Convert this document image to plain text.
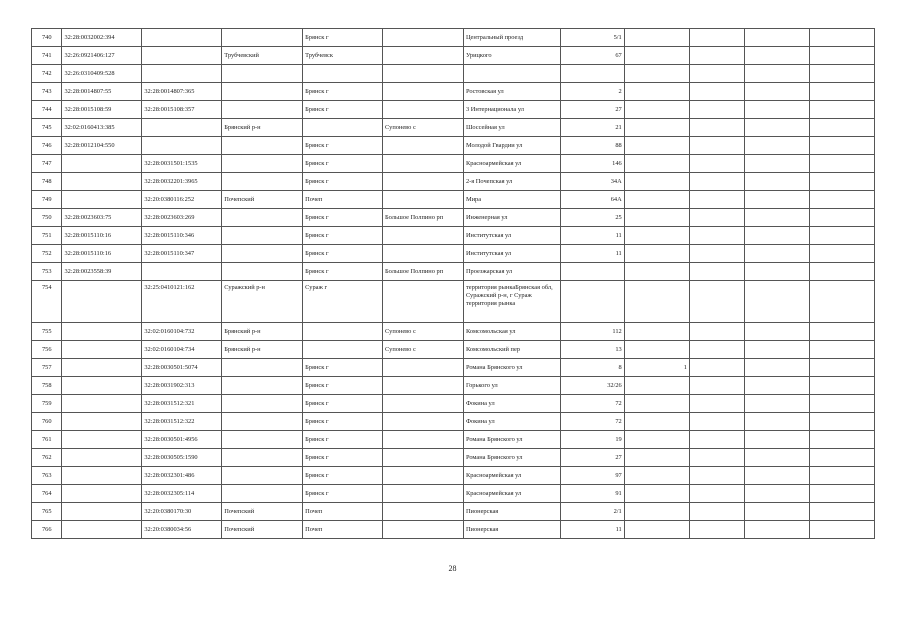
740	32:28:0032002:394			Брянск г		Центральный проезд	5/1				
741	32:26:0921406:127		Трубчевский	Трубчевск		Урицкого	67				
742	32:26:0310409:528										
743	32:28:0014807:55	32:28:0014807:365		Брянск г		Ростовская ул	2				
744	32:28:0015108:59	32:28:0015108:357		Брянск г		3 Интернационала ул	27				
745	32:02:0160413:385		Брянский р-н		Супонево с	Шоссейная ул	21				
746	32:28:0012104:550			Брянск г		Молодой Гвардии ул	88				
747		32:28:0031501:1535		Брянск г		Красноармейская ул	146				
748		32:28:0032201:3965		Брянск г		2-я Почепская ул	34А				
749		32:20:0380116:252	Почепский	Почеп		Мира	64А				
750	32:28:0023603:75	32:28:0023603:269		Брянск г	Большое Полпино рп	Инженерная ул	25				
751	32:28:0015110:16	32:28:0015110:346		Брянск г		Институтская ул	11				
752	32:28:0015110:16	32:28:0015110:347		Брянск г		Институтская ул	11				
753	32:28:0023558:39			Брянск г	Большое Полпино рп	Проезжарская ул					
754		32:25:0410121:162	Суражский р-н	Сураж г		территория рынкаБрянская обл, Суражский р-н, г Сураж территория рынка					
755		32:02:0160104:732	Брянский р-н		Супонево с	Комсомольская ул	112				
756		32:02:0160104:734	Брянский р-н		Супонево с	Комсомольский пер	13				
757		32:28:0030501:5074		Брянск г		Романа Брянского ул	8	1			
758		32:28:0031902:313		Брянск г		Горького ул	32/26				
759		32:28:0031512:321		Брянск г		Фокина ул	72				
760		32:28:0031512:322		Брянск г		Фокина ул	72				
761		32:28:0030501:4956		Брянск г		Романа Брянского ул	19				
762		32:28:0030505:1590		Брянск г		Романа Брянского ул	27				
763		32:28:0032301:486		Брянск г		Красноармейская ул	97				
764		32:28:0032305:114		Брянск г		Красноармейская ул	91				
765		32:20:0380170:30	Почепский	Почеп		Пионерская	2/1				
766		32:20:0380034:56	Почепский	Почеп		Пионерская	11				
28
